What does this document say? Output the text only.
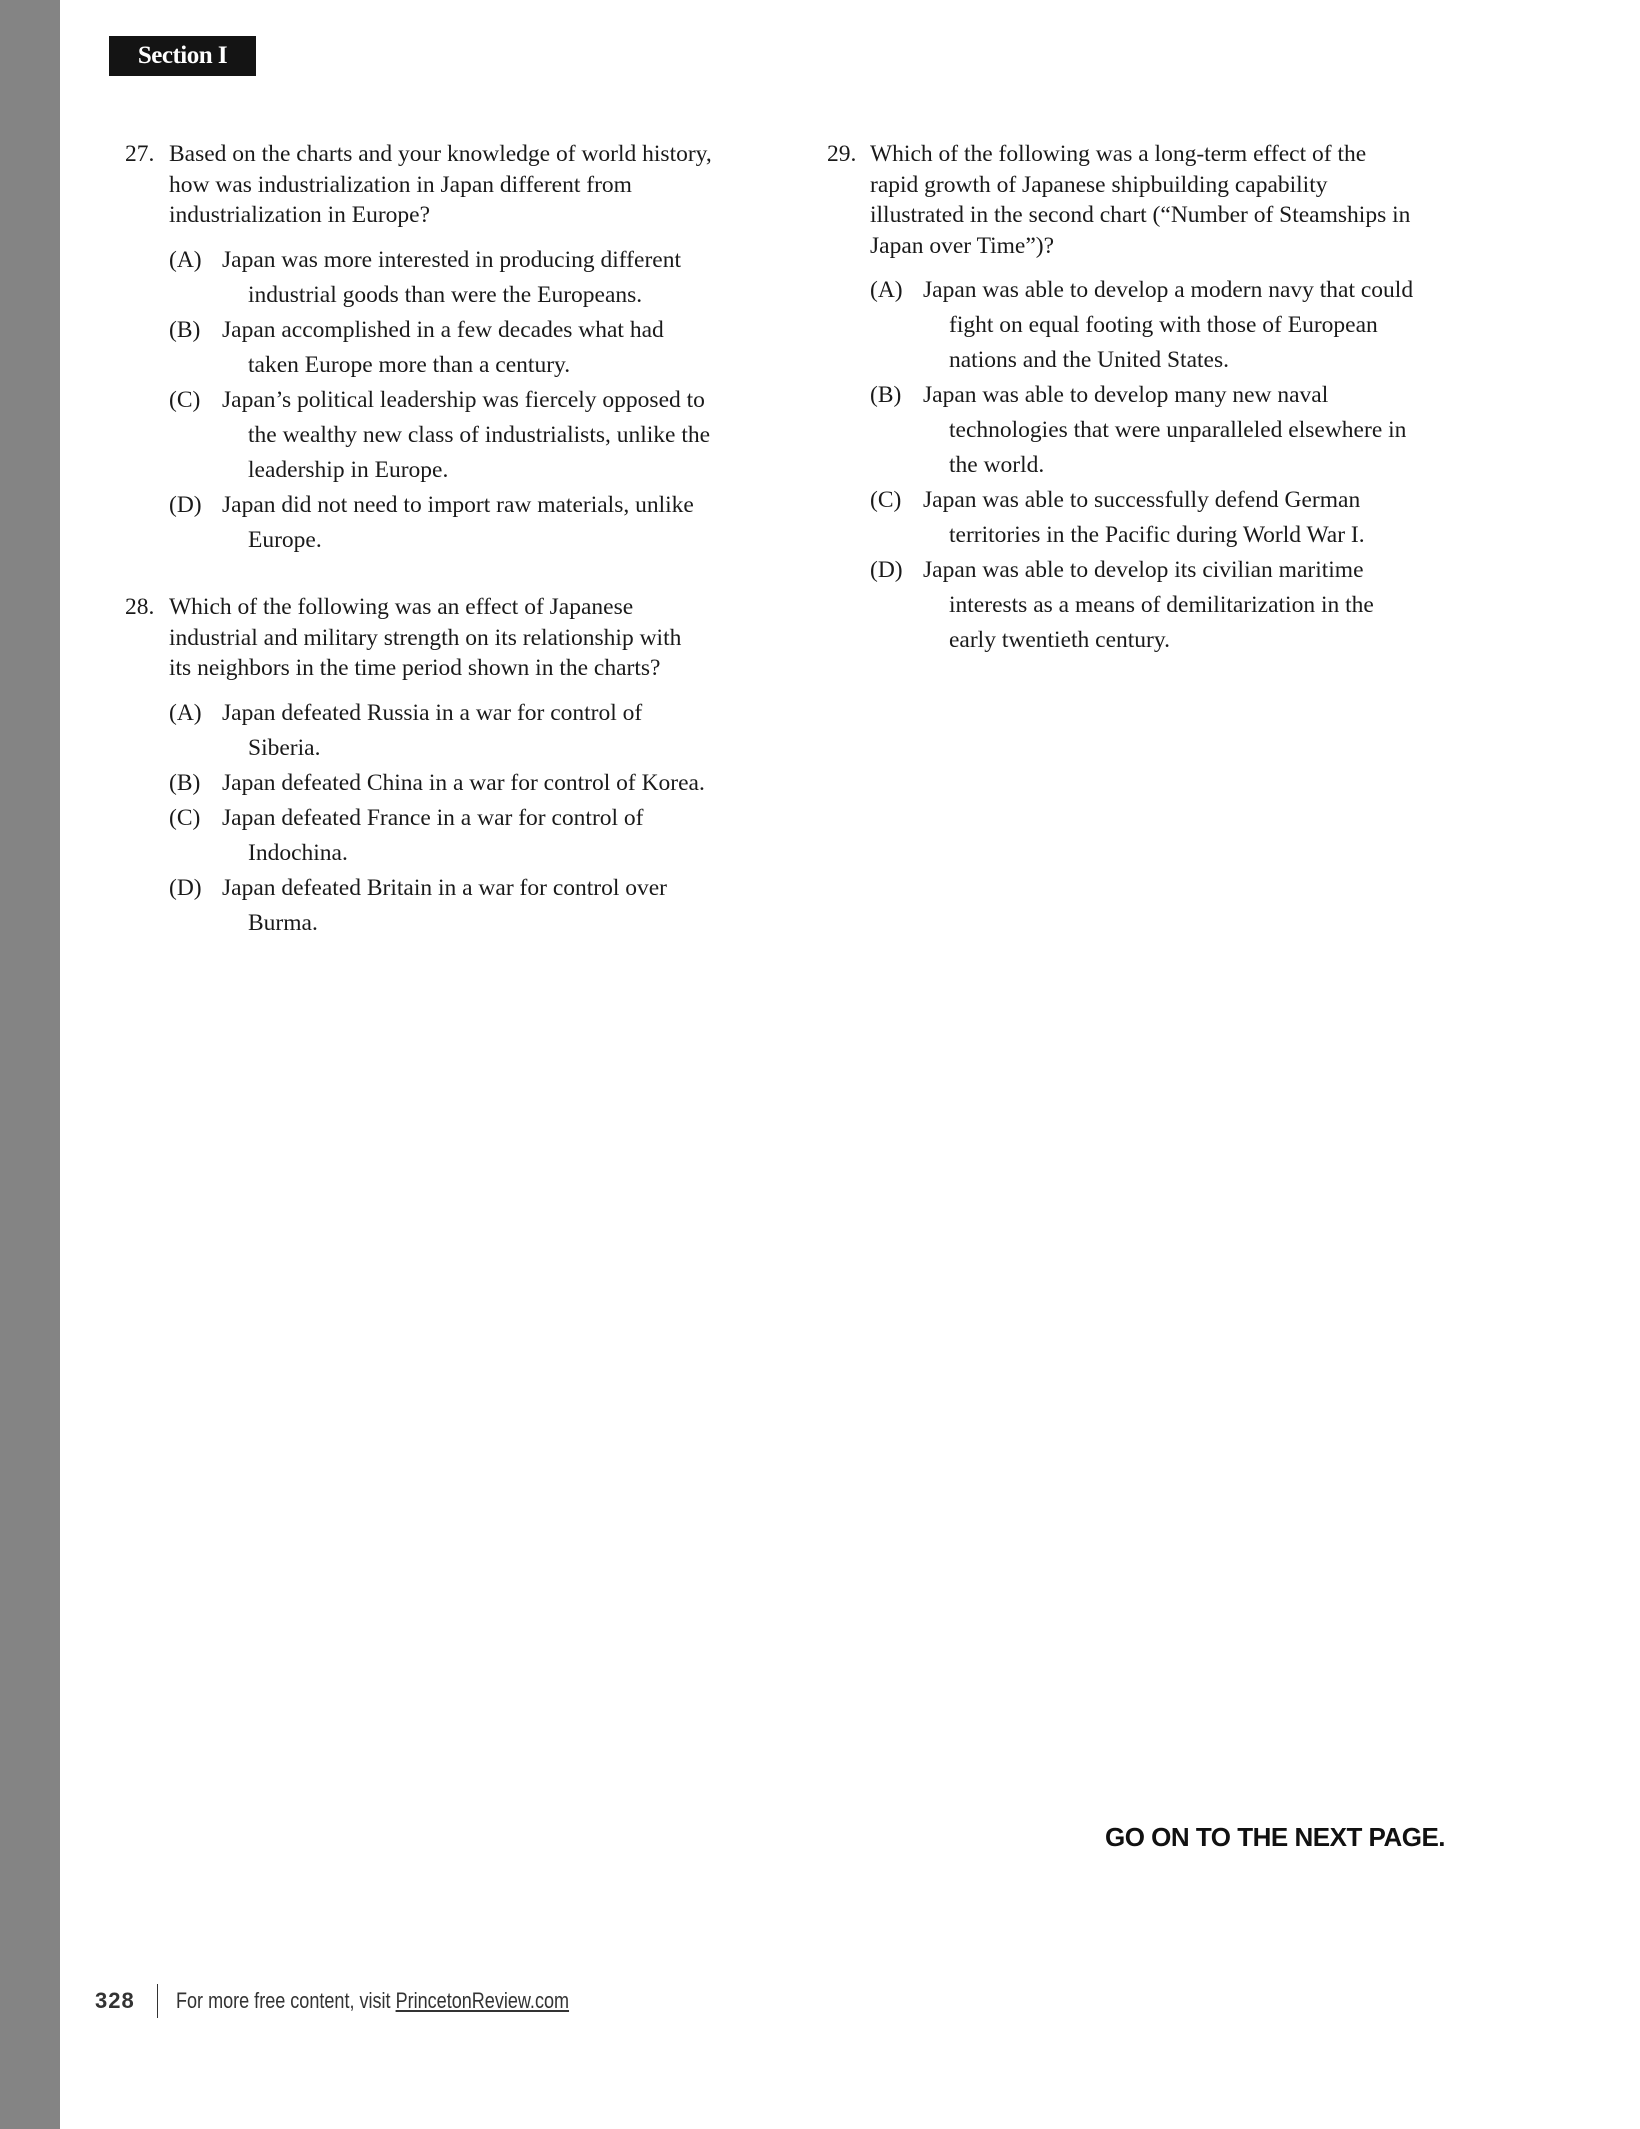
Section I
27. Based on the charts and your knowledge of world history,
how was industrialization in Japan different from
industrialization in Europe?
(A) Japan was more interested in producing different
industrial goods than were the Europeans.
(B) Japan accomplished in a few decades what had
taken Europe more than a century.
(C) Japan’s political leadership was fiercely opposed to
the wealthy new class of industrialists, unlike the
leadership in Europe.
(D) Japan did not need to import raw materials, unlike
Europe.
28. Which of the following was an effect of Japanese
industrial and military strength on its relationship with
its neighbors in the time period shown in the charts?
(A) Japan defeated Russia in a war for control of
Siberia.
(B) Japan defeated China in a war for control of Korea.
(C) Japan defeated France in a war for control of
Indochina.
(D) Japan defeated Britain in a war for control over
Burma.
29. Which of the following was a long-term effect of the
rapid growth of Japanese shipbuilding capability
illustrated in the second chart (“Number of Steamships in
Japan over Time”)?
(A) Japan was able to develop a modern navy that could
fight on equal footing with those of European
nations and the United States.
(B) Japan was able to develop many new naval
technologies that were unparalleled elsewhere in
the world.
(C) Japan was able to successfully defend German
territories in the Pacific during World War I.
(D) Japan was able to develop its civilian maritime
interests as a means of demilitarization in the
early twentieth century.
GO ON TO THE NEXT PAGE.
328 For more free content, visit PrincetonReview.com
